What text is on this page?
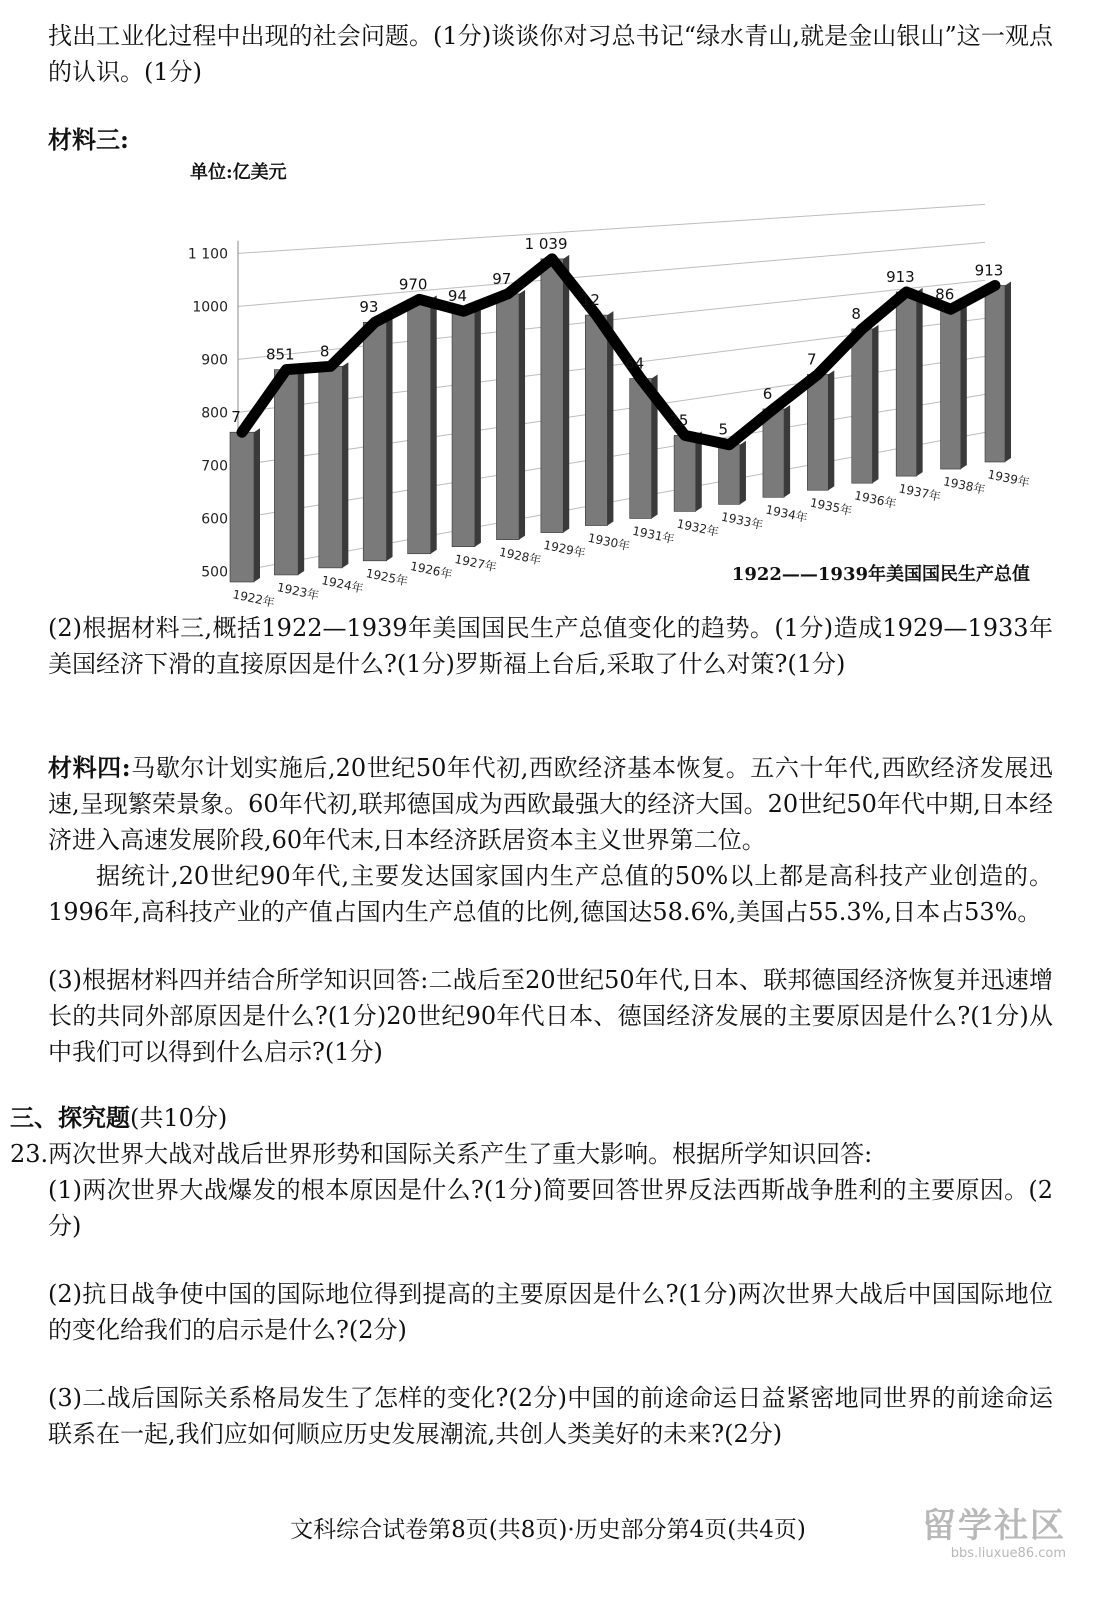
找出工业化过程中出现的社会问题。(1分)谈谈你对习总书记“绿水青山,就是金山银山”这一观点的认识。(1分)

材料三:

单位:亿美元
500
600
700
800
900
1000
1 100
1922年 1923年 1924年 1925年 1926年 1927年 1928年 1929年 1930年 1931年 1932年 1933年 1934年 1935年 1936年 1937年 1938年 1939年
7
851 8
93
970
94
97
1 039
12
64
25
5
6
7
8
913
86
913
1922——1939年美国国民生产总值

(2)根据材料三,概括1922—1939年美国国民生产总值变化的趋势。(1分)造成1929—1933年美国经济下滑的直接原因是什么?(1分)罗斯福上台后,采取了什么对策?(1分)

材料四:马歇尔计划实施后,20世纪50年代初,西欧经济基本恢复。五六十年代,西欧经济发展迅速,呈现繁荣景象。60年代初,联邦德国成为西欧最强大的经济大国。20世纪50年代中期,日本经济进入高速发展阶段,60年代末,日本经济跃居资本主义世界第二位。

据统计,20世纪90年代,主要发达国家国内生产总值的50%以上都是高科技产业创造的。1996年,高科技产业的产值占国内生产总值的比例,德国达58.6%,美国占55.3%,日本占53%。

(3)根据材料四并结合所学知识回答:二战后至20世纪50年代,日本、联邦德国经济恢复并迅速增长的共同外部原因是什么?(1分)20世纪90年代日本、德国经济发展的主要原因是什么?(1分)从中我们可以得到什么启示?(1分)

三、探究题(共10分)

23.两次世界大战对战后世界形势和国际关系产生了重大影响。根据所学知识回答:

(1)两次世界大战爆发的根本原因是什么?(1分)简要回答世界反法西斯战争胜利的主要原因。(2分)

(2)抗日战争使中国的国际地位得到提高的主要原因是什么?(1分)两次世界大战后中国国际地位的变化给我们的启示是什么?(2分)

(3)二战后国际关系格局发生了怎样的变化?(2分)中国的前途命运日益紧密地同世界的前途命运联系在一起,我们应如何顺应历史发展潮流,共创人类美好的未来?(2分)

文科综合试卷第8页(共8页)·历史部分第4页(共4页)	留学社区
bbs.liuxue86.com
